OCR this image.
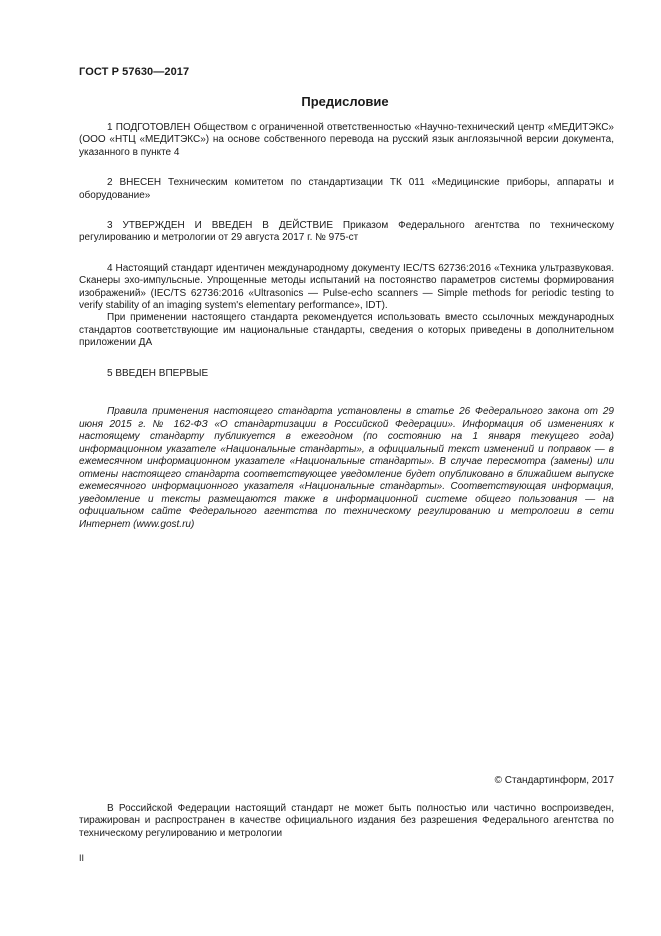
ГОСТ Р 57630—2017
Предисловие

1 ПОДГОТОВЛЕН Обществом с ограниченной ответственностью «Научно-технический центр «МЕДИТЭКС» (ООО «НТЦ «МЕДИТЭКС») на основе собственного перевода на русский язык англоязычной версии документа, указанного в пункте 4

2 ВНЕСЕН Техническим комитетом по стандартизации ТК 011 «Медицинские приборы, аппараты и оборудование»

3 УТВЕРЖДЕН И ВВЕДЕН В ДЕЙСТВИЕ Приказом Федерального агентства по техническому регулированию и метрологии от 29 августа 2017 г. № 975-ст

4 Настоящий стандарт идентичен международному документу IEC/TS 62736:2016 «Техника ультразвуковая. Сканеры эхо-импульсные. Упрощенные методы испытаний на постоянство параметров системы формирования изображений» (IEC/TS 62736:2016 «Ultrasonics — Pulse-echo scanners — Simple methods for periodic testing to verify stability of an imaging system's elementary performance», IDT).

При применении настоящего стандарта рекомендуется использовать вместо ссылочных международных стандартов соответствующие им национальные стандарты, сведения о которых приведены в дополнительном приложении ДА

5 ВВЕДЕН ВПЕРВЫЕ

Правила применения настоящего стандарта установлены в статье 26 Федерального закона от 29 июня 2015 г. № 162-ФЗ «О стандартизации в Российской Федерации». Информация об изменениях к настоящему стандарту публикуется в ежегодном (по состоянию на 1 января текущего года) информационном указателе «Национальные стандарты», а официальный текст изменений и поправок — в ежемесячном информационном указателе «Национальные стандарты». В случае пересмотра (замены) или отмены настоящего стандарта соответствующее уведомление будет опубликовано в ближайшем выпуске ежемесячного информационного указателя «Национальные стандарты». Соответствующая информация, уведомление и тексты размещаются также в информационной системе общего пользования — на официальном сайте Федерального агентства по техническому регулированию и метрологии в сети Интернет (www.gost.ru)

© Стандартинформ, 2017

В Российской Федерации настоящий стандарт не может быть полностью или частично воспроизведен, тиражирован и распространен в качестве официального издания без разрешения Федерального агентства по техническому регулированию и метрологии

II
